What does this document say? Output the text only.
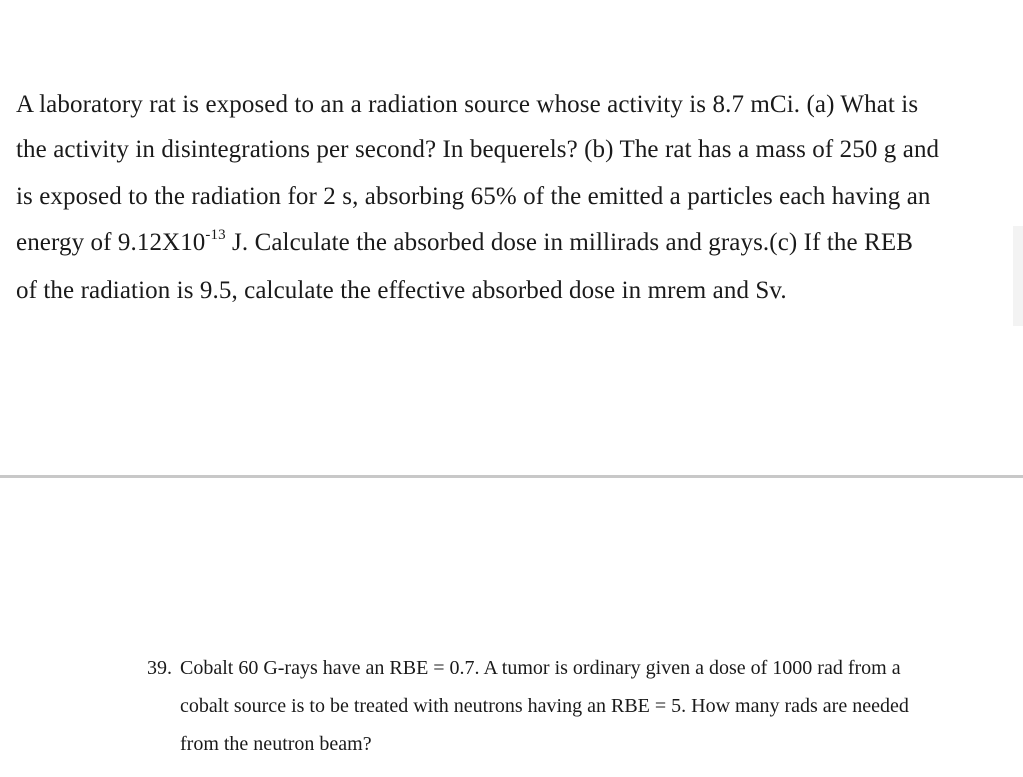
A laboratory rat is exposed to an a radiation source whose activity is 8.7 mCi. (a) What is
the activity in disintegrations per second? In bequerels? (b) The rat has a mass of 250 g and
is exposed to the radiation for 2 s, absorbing 65% of the emitted a particles each having an
energy of $9.12X10^{-13}$ J. Calculate the absorbed dose in millirads and grays.(c) If the REB
of the radiation is 9.5, calculate the effective absorbed dose in mrem and Sv.
39. Cobalt 60 G-rays have an RBE = 0.7. A tumor is ordinary given a dose of 1000 rad from a
cobalt source is to be treated with neutrons having an RBE = 5. How many rads are needed
from the neutron beam?
